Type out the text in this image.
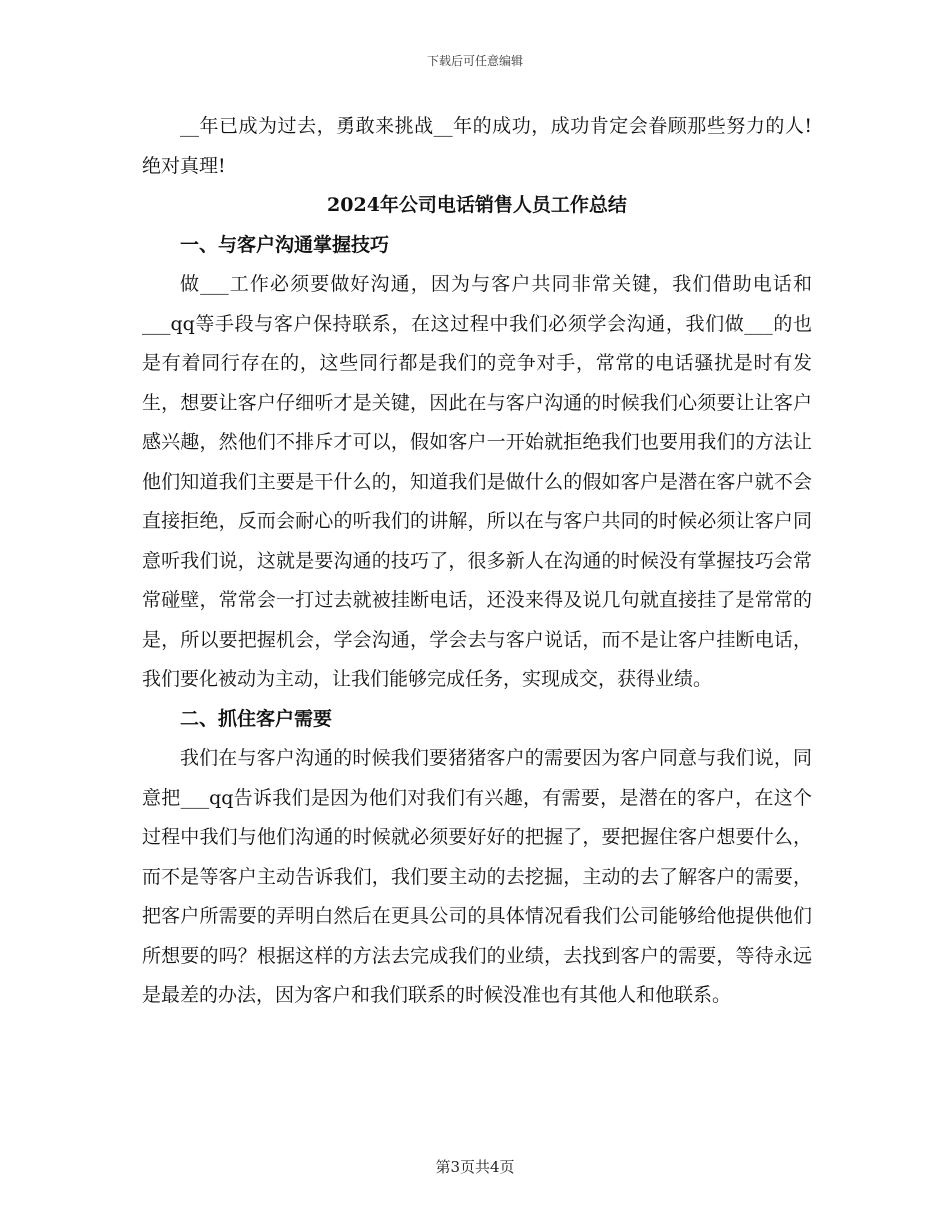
下载后可任意编辑

__年已成为过去，勇敢来挑战__年的成功，成功肯定会眷顾那些努力的人!绝对真理!

2024年公司电话销售人员工作总结

一、与客户沟通掌握技巧

做___工作必须要做好沟通，因为与客户共同非常关键，我们借助电话和___qq等手段与客户保持联系，在这过程中我们必须学会沟通，我们做___的也是有着同行存在的，这些同行都是我们的竞争对手，常常的电话骚扰是时有发生，想要让客户仔细听才是关键，因此在与客户沟通的时候我们心须要让让客户感兴趣，然他们不排斥才可以，假如客户一开始就拒绝我们也要用我们的方法让他们知道我们主要是干什么的，知道我们是做什么的假如客户是潜在客户就不会直接拒绝，反而会耐心的听我们的讲解，所以在与客户共同的时候必须让客户同意听我们说，这就是要沟通的技巧了，很多新人在沟通的时候没有掌握技巧会常常碰壁，常常会一打过去就被挂断电话，还没来得及说几句就直接挂了是常常的是，所以要把握机会，学会沟通，学会去与客户说话，而不是让客户挂断电话，我们要化被动为主动，让我们能够完成任务，实现成交，获得业绩。

二、抓住客户需要

我们在与客户沟通的时候我们要猪猪客户的需要因为客户同意与我们说，同意把___qq告诉我们是因为他们对我们有兴趣，有需要，是潜在的客户，在这个过程中我们与他们沟通的时候就必须要好好的把握了，要把握住客户想要什么，而不是等客户主动告诉我们，我们要主动的去挖掘，主动的去了解客户的需要，把客户所需要的弄明白然后在更具公司的具体情况看我们公司能够给他提供他们所想要的吗？根据这样的方法去完成我们的业绩，去找到客户的需要，等待永远是最差的办法，因为客户和我们联系的时候没准也有其他人和他联系。

第3页共4页
